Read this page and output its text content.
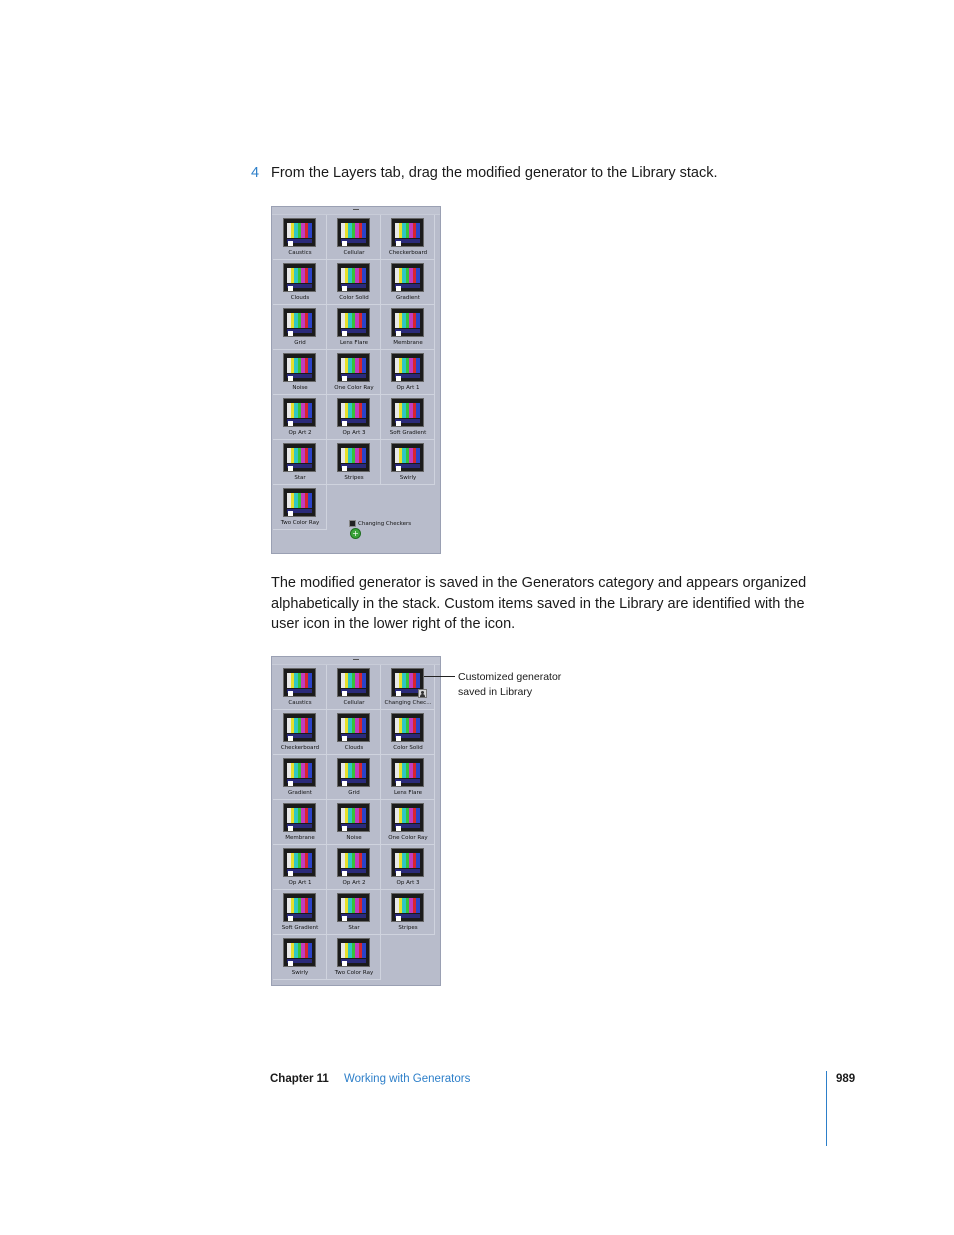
4 From the Layers tab, drag the modified generator to the Library stack.
Caustics	Cellular	Checkerboard
Clouds	Color Solid	Gradient
Grid	Lens Flare	Membrane
Noise	One Color Ray	Op Art 1
Op Art 2	Op Art 3	Soft Gradient
Star	Stripes	Swirly
Two Color Ray	Changing Checkers
+
The modified generator is saved in the Generators category and appears organized alphabetically in the stack. Custom items saved in the Library are identified with the user icon in the lower right of the icon.
Caustics	Cellular	Changing Chec...
Checkerboard	Clouds	Color Solid
Gradient	Grid	Lens Flare
Membrane	Noise	One Color Ray
Op Art 1	Op Art 2	Op Art 3
Soft Gradient	Star	Stripes
Swirly	Two Color Ray
Customized generator
saved in Library
Chapter 11 Working with Generators	989
